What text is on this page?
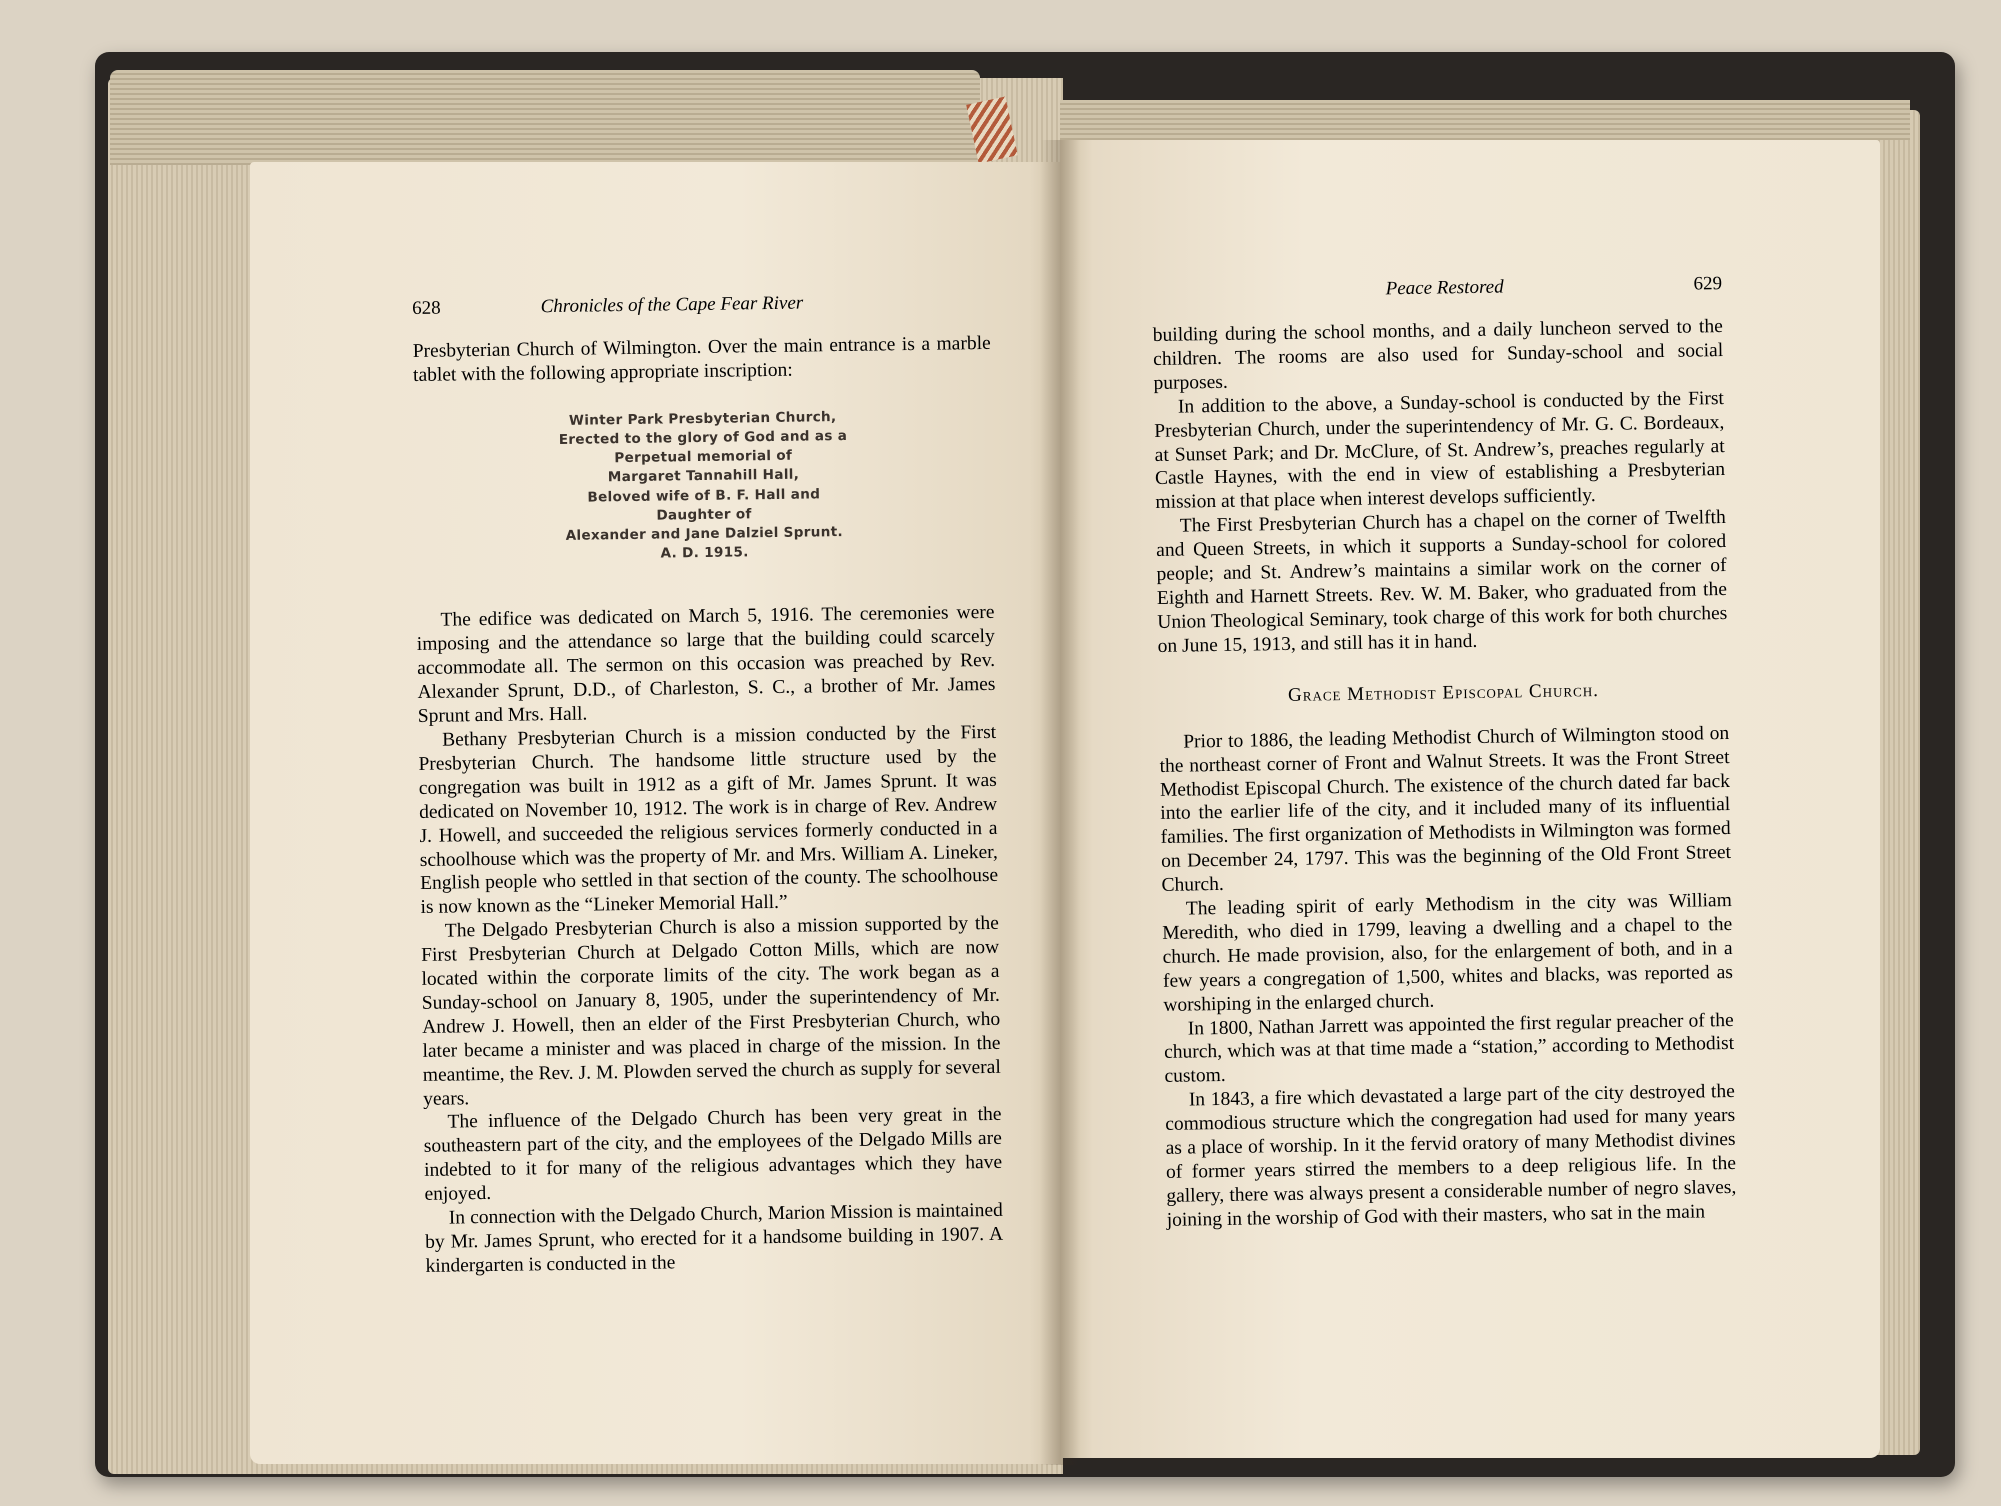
628	Chronicles of the Cape Fear River

Presbyterian Church of Wilmington. Over the main entrance is a marble tablet with the following appropriate inscription:

Winter Park Presbyterian Church,
Erected to the glory of God and as a
Perpetual memorial of
Margaret Tannahill Hall,
Beloved wife of B. F. Hall and
Daughter of
Alexander and Jane Dalziel Sprunt.
A. D. 1915.

The edifice was dedicated on March 5, 1916. The ceremonies were imposing and the attendance so large that the building could scarcely accommodate all. The sermon on this occasion was preached by Rev. Alexander Sprunt, D.D., of Charleston, S. C., a brother of Mr. James Sprunt and Mrs. Hall.

Bethany Presbyterian Church is a mission conducted by the First Presbyterian Church. The handsome little structure used by the congregation was built in 1912 as a gift of Mr. James Sprunt. It was dedicated on November 10, 1912. The work is in charge of Rev. Andrew J. Howell, and succeeded the religious services formerly conducted in a schoolhouse which was the property of Mr. and Mrs. William A. Lineker, English people who settled in that section of the county. The schoolhouse is now known as the “Lineker Memorial Hall.”

The Delgado Presbyterian Church is also a mission supported by the First Presbyterian Church at Delgado Cotton Mills, which are now located within the corporate limits of the city. The work began as a Sunday-school on January 8, 1905, under the superintendency of Mr. Andrew J. Howell, then an elder of the First Presbyterian Church, who later became a minister and was placed in charge of the mission. In the meantime, the Rev. J. M. Plowden served the church as supply for several years.

The influence of the Delgado Church has been very great in the southeastern part of the city, and the employees of the Delgado Mills are indebted to it for many of the religious advantages which they have enjoyed.

In connection with the Delgado Church, Marion Mission is maintained by Mr. James Sprunt, who erected for it a handsome building in 1907. A kindergarten is conducted in the

Peace Restored	629

building during the school months, and a daily luncheon served to the children. The rooms are also used for Sunday-school and social purposes.

In addition to the above, a Sunday-school is conducted by the First Presbyterian Church, under the superintendency of Mr. G. C. Bordeaux, at Sunset Park; and Dr. McClure, of St. Andrew’s, preaches regularly at Castle Haynes, with the end in view of establishing a Presbyterian mission at that place when interest develops sufficiently.

The First Presbyterian Church has a chapel on the corner of Twelfth and Queen Streets, in which it supports a Sunday-school for colored people; and St. Andrew’s maintains a similar work on the corner of Eighth and Harnett Streets. Rev. W. M. Baker, who graduated from the Union Theological Seminary, took charge of this work for both churches on June 15, 1913, and still has it in hand.

Grace Methodist Episcopal Church.

Prior to 1886, the leading Methodist Church of Wilmington stood on the northeast corner of Front and Walnut Streets. It was the Front Street Methodist Episcopal Church. The existence of the church dated far back into the earlier life of the city, and it included many of its influential families. The first organization of Methodists in Wilmington was formed on December 24, 1797. This was the beginning of the Old Front Street Church.

The leading spirit of early Methodism in the city was William Meredith, who died in 1799, leaving a dwelling and a chapel to the church. He made provision, also, for the enlargement of both, and in a few years a congregation of 1,500, whites and blacks, was reported as worshiping in the enlarged church.

In 1800, Nathan Jarrett was appointed the first regular preacher of the church, which was at that time made a “station,” according to Methodist custom.

In 1843, a fire which devastated a large part of the city destroyed the commodious structure which the congregation had used for many years as a place of worship. In it the fervid oratory of many Methodist divines of former years stirred the members to a deep religious life. In the gallery, there was always present a considerable number of negro slaves, joining in the worship of God with their masters, who sat in the main
